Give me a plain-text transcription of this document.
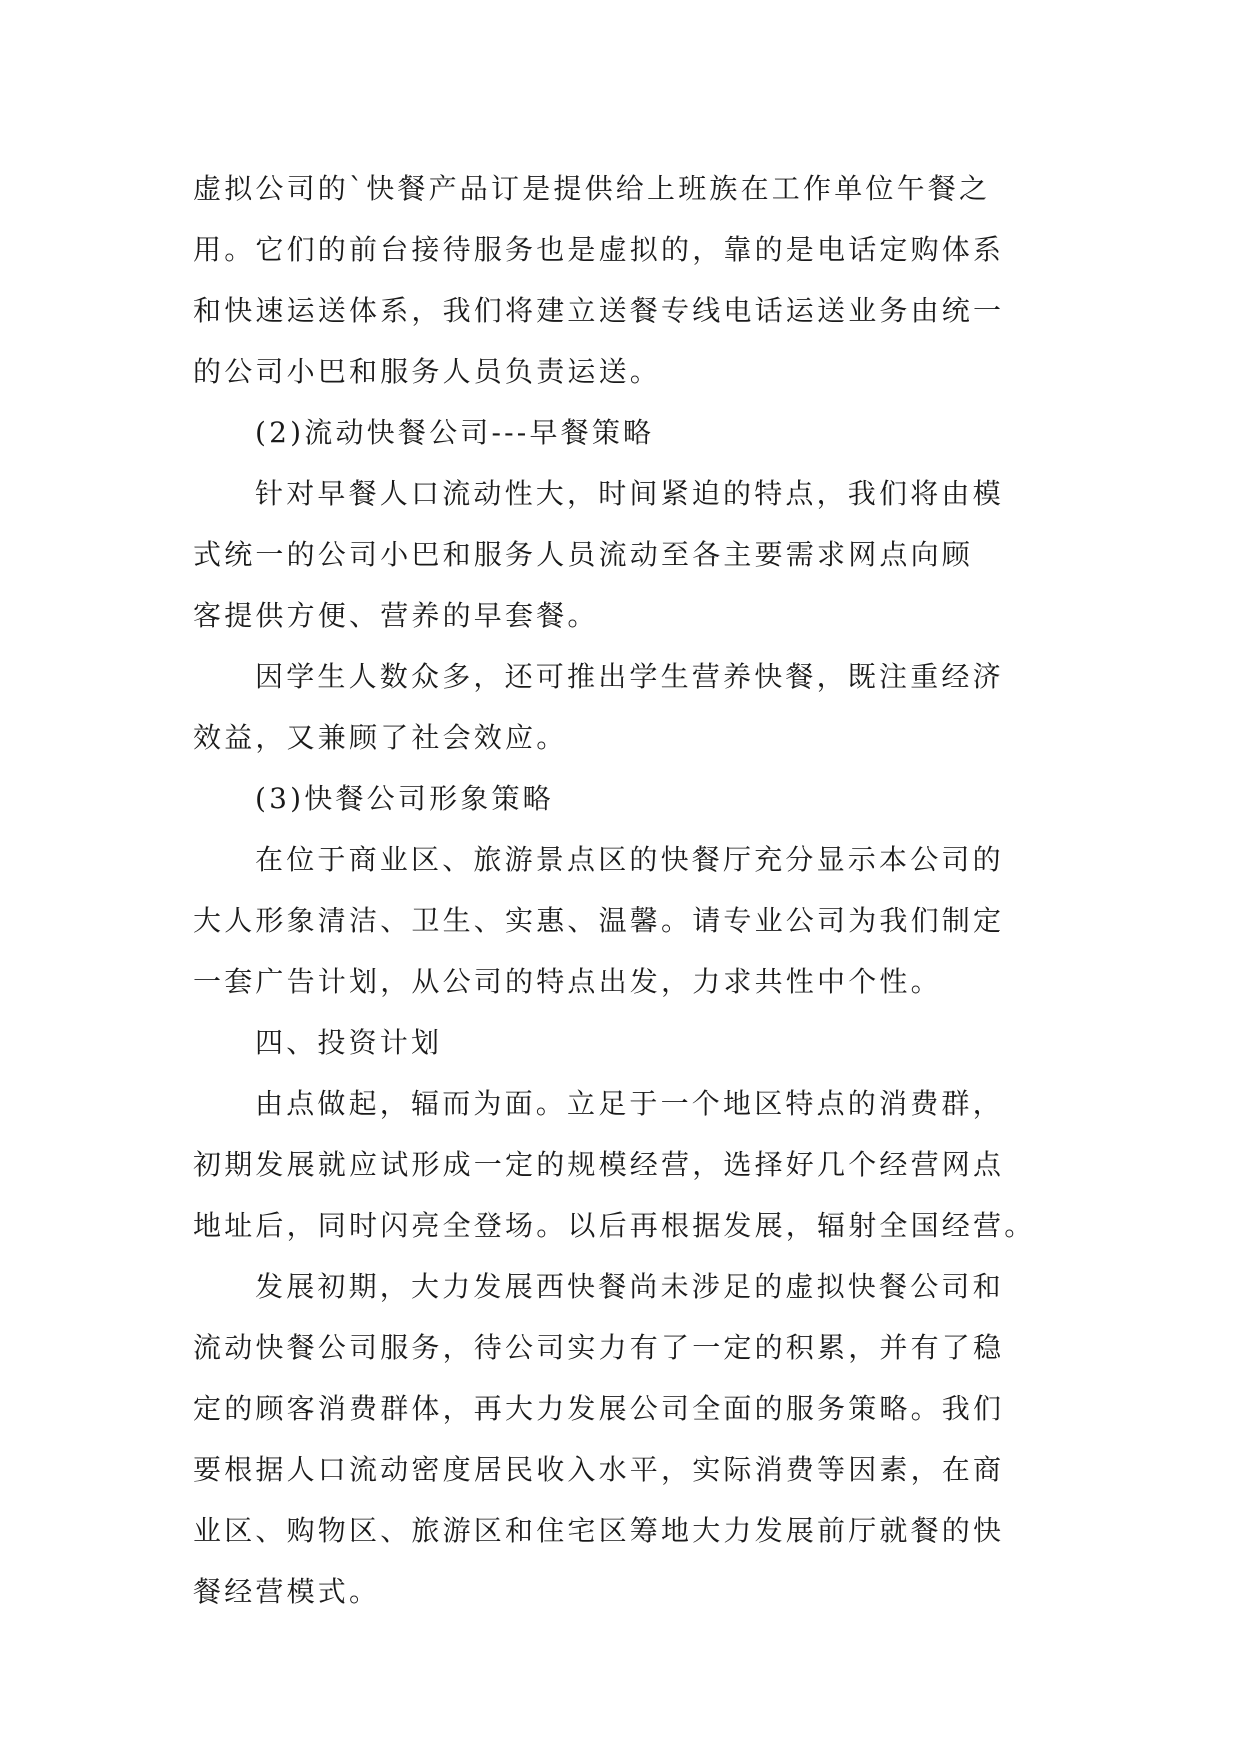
虚拟公司的`快餐产品订是提供给上班族在工作单位午餐之
用。它们的前台接待服务也是虚拟的，靠的是电话定购体系
和快速运送体系，我们将建立送餐专线电话运送业务由统一
的公司小巴和服务人员负责运送。
(2)流动快餐公司---早餐策略
针对早餐人口流动性大，时间紧迫的特点，我们将由模
式统一的公司小巴和服务人员流动至各主要需求网点向顾
客提供方便、营养的早套餐。
因学生人数众多，还可推出学生营养快餐，既注重经济
效益，又兼顾了社会效应。
(3)快餐公司形象策略
在位于商业区、旅游景点区的快餐厅充分显示本公司的
大人形象清洁、卫生、实惠、温馨。请专业公司为我们制定
一套广告计划，从公司的特点出发，力求共性中个性。
四、投资计划
由点做起，辐而为面。立足于一个地区特点的消费群，
初期发展就应试形成一定的规模经营，选择好几个经营网点
地址后，同时闪亮全登场。以后再根据发展，辐射全国经营。
发展初期，大力发展西快餐尚未涉足的虚拟快餐公司和
流动快餐公司服务，待公司实力有了一定的积累，并有了稳
定的顾客消费群体，再大力发展公司全面的服务策略。我们
要根据人口流动密度居民收入水平，实际消费等因素，在商
业区、购物区、旅游区和住宅区筹地大力发展前厅就餐的快
餐经营模式。
